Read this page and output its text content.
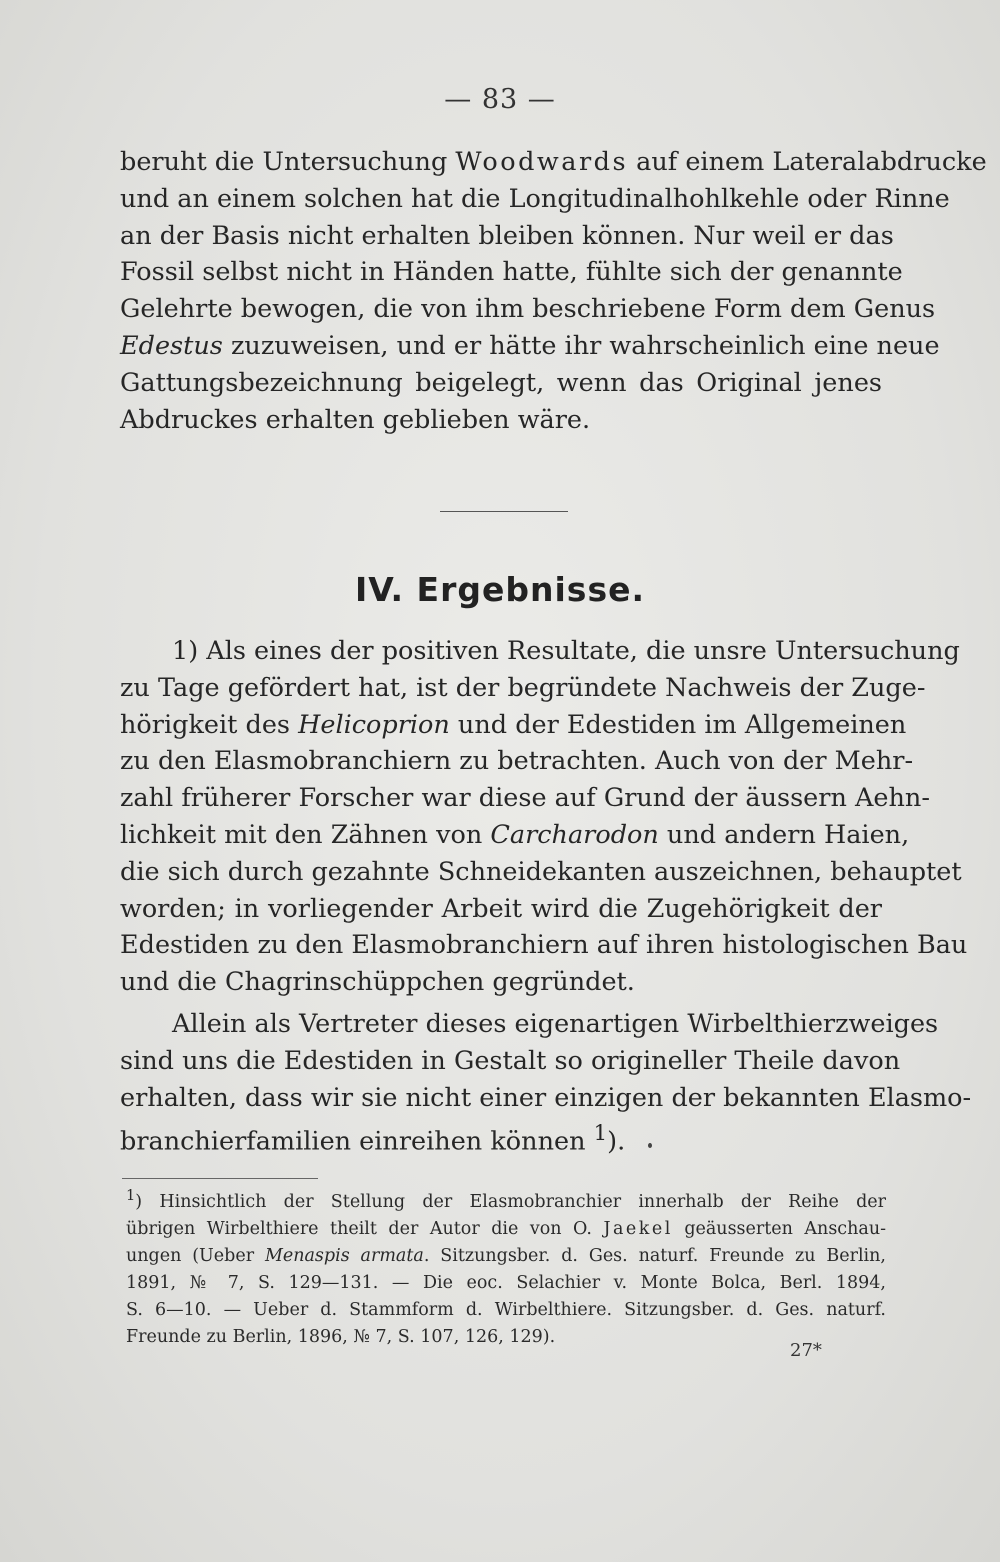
— 83 —
beruht die Untersuchung Woodwards auf einem Lateralabdrucke
und an einem solchen hat die Longitudinalhohlkehle oder Rinne
an der Basis nicht erhalten bleiben können. Nur weil er das
Fossil selbst nicht in Händen hatte, fühlte sich der genannte
Gelehrte bewogen, die von ihm beschriebene Form dem Genus
Edestus zuzuweisen, und er hätte ihr wahrscheinlich eine neue
Gattungsbezeichnung beigelegt, wenn das Original jenes
Abdruckes erhalten geblieben wäre.
IV. Ergebnisse.
1) Als eines der positiven Resultate, die unsre Untersuchung
zu Tage gefördert hat, ist der begründete Nachweis der Zuge-
hörigkeit des Helicoprion und der Edestiden im Allgemeinen
zu den Elasmobranchiern zu betrachten. Auch von der Mehr-
zahl früherer Forscher war diese auf Grund der äussern Aehn-
lichkeit mit den Zähnen von Carcharodon und andern Haien,
die sich durch gezahnte Schneidekanten auszeichnen, behauptet
worden; in vorliegender Arbeit wird die Zugehörigkeit der
Edestiden zu den Elasmobranchiern auf ihren histologischen Bau
und die Chagrinschüppchen gegründet.
Allein als Vertreter dieses eigenartigen Wirbelthierzweiges
sind uns die Edestiden in Gestalt so origineller Theile davon
erhalten, dass wir sie nicht einer einzigen der bekannten Elasmo-
branchierfamilien einreihen können $^1$).
$^1$) Hinsichtlich der Stellung der Elasmobranchier innerhalb der Reihe der
übrigen Wirbelthiere theilt der Autor die von O. Jaekel geäusserten Anschau-
ungen (Ueber Menaspis armata. Sitzungsber. d. Ges. naturf. Freunde zu Berlin,
1891, № 7, S. 129—131. — Die eoc. Selachier v. Monte Bolca, Berl. 1894,
S. 6—10. — Ueber d. Stammform d. Wirbelthiere. Sitzungsber. d. Ges. naturf.
Freunde zu Berlin, 1896, № 7, S. 107, 126, 129).
27*
